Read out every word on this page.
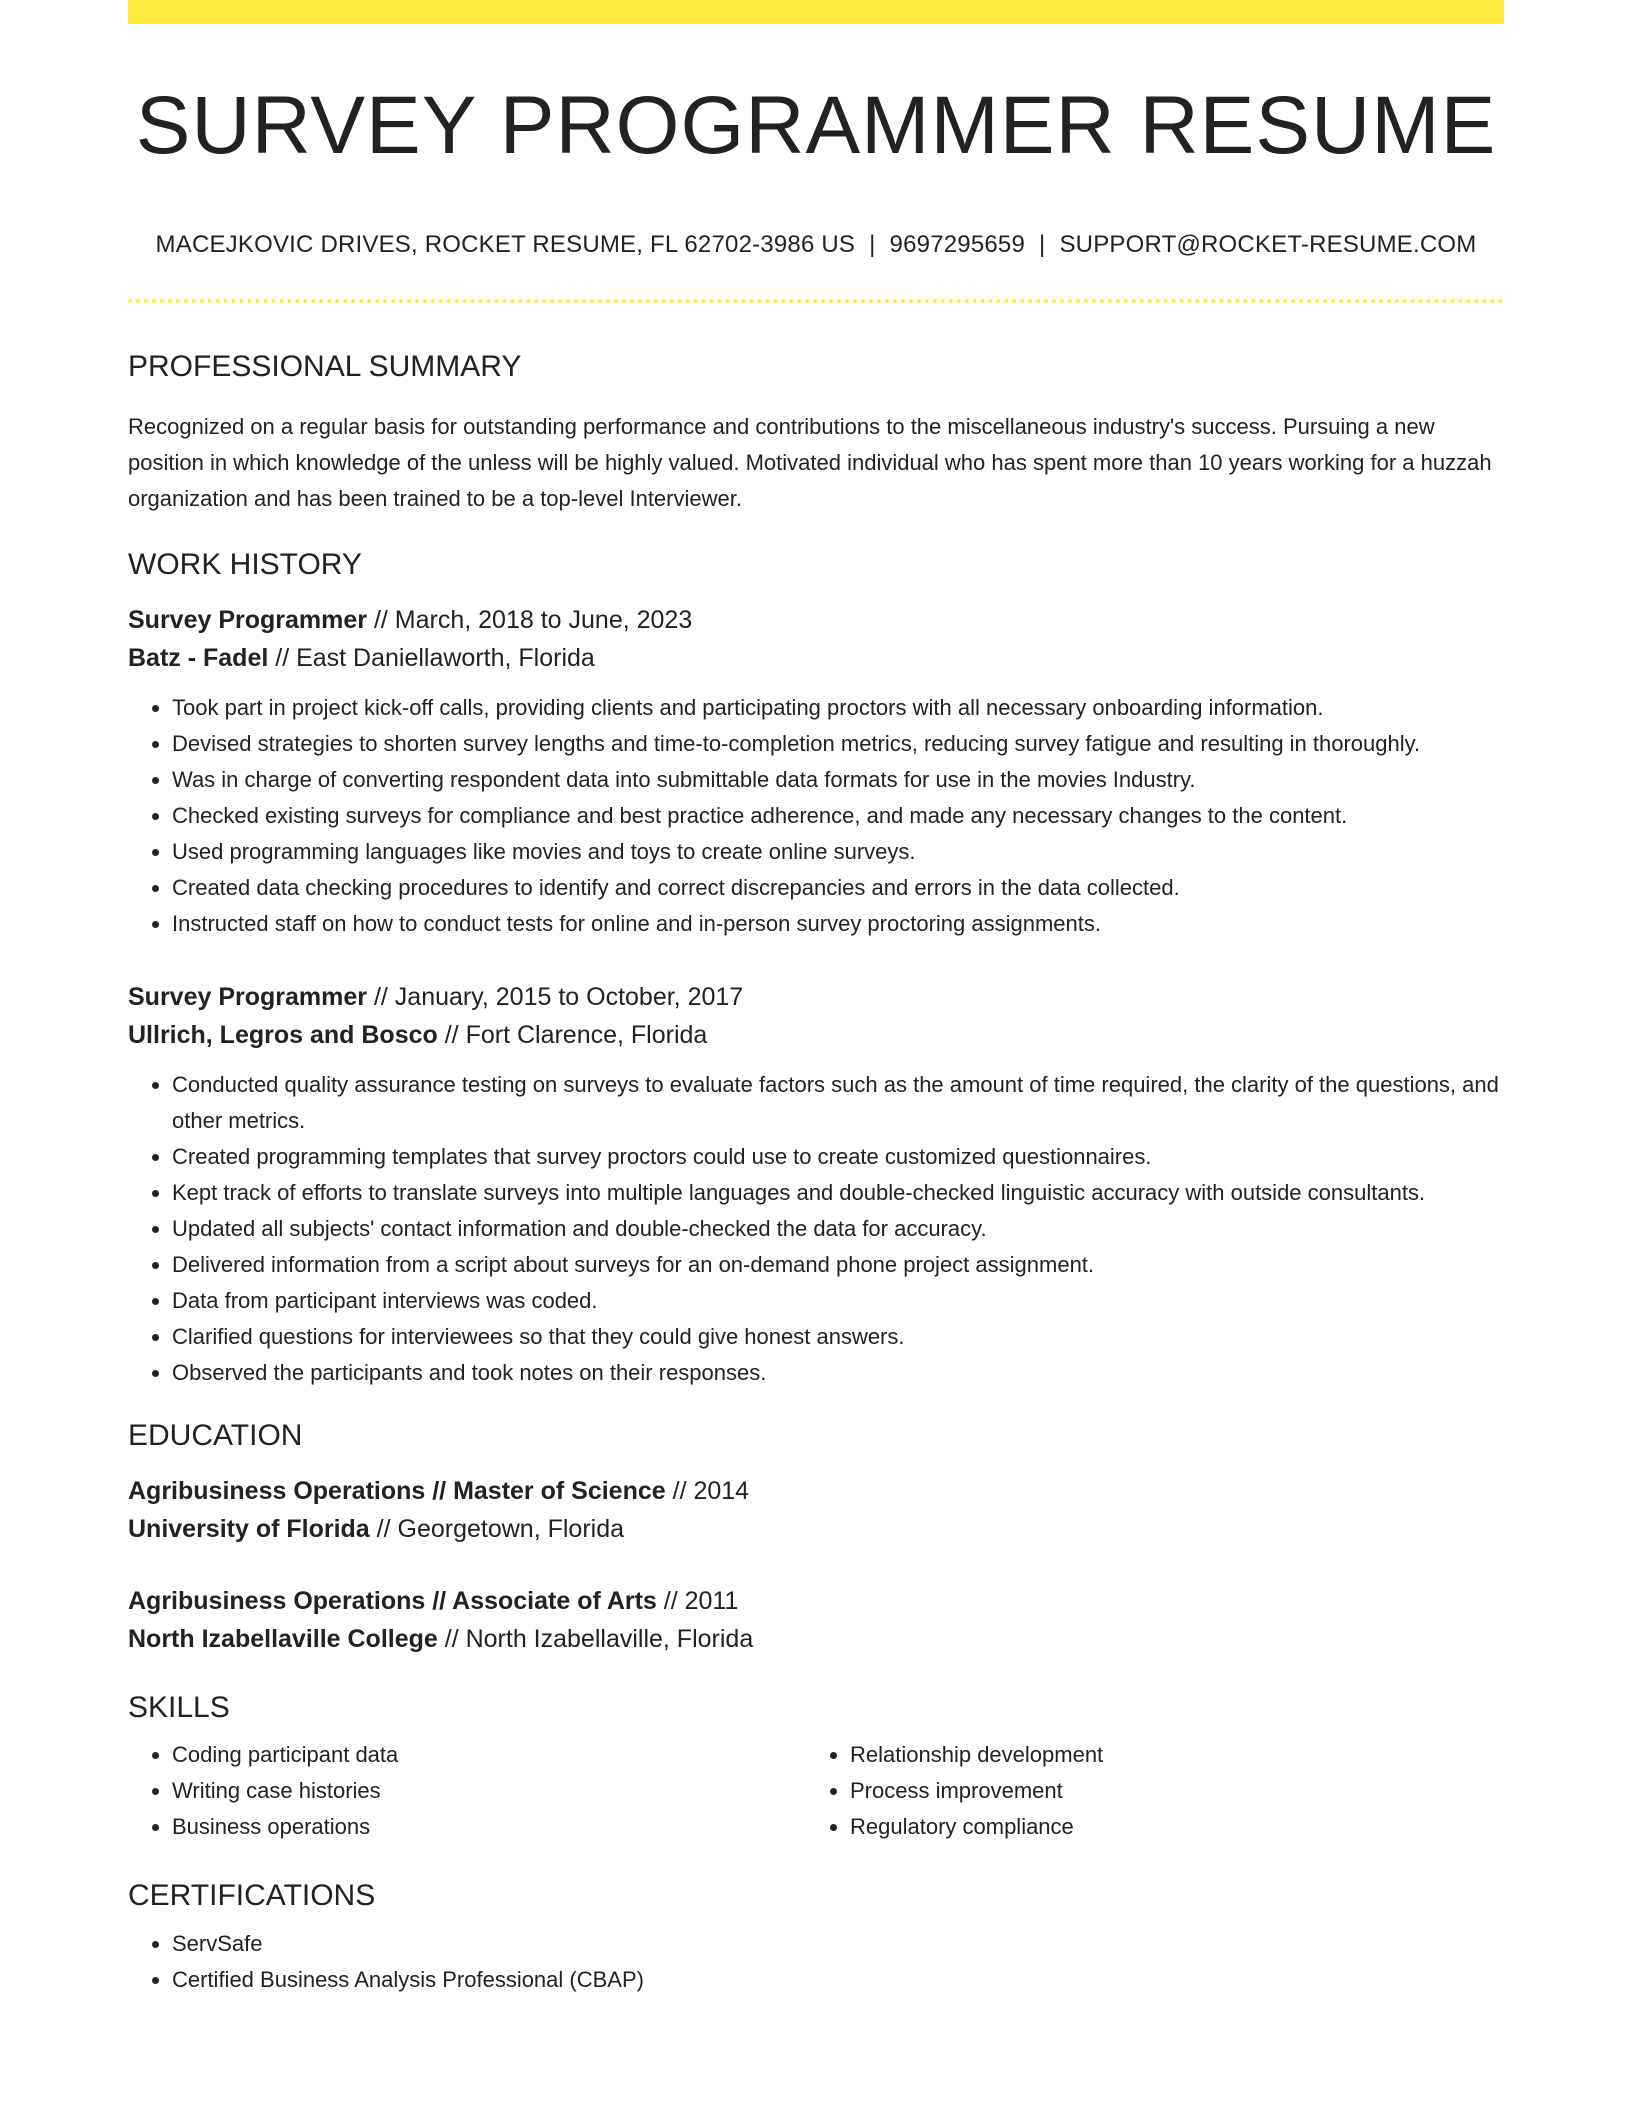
SURVEY PROGRAMMER RESUME
MACEJKOVIC DRIVES, ROCKET RESUME, FL 62702-3986 US | 9697295659 | SUPPORT@ROCKET-RESUME.COM
PROFESSIONAL SUMMARY
Recognized on a regular basis for outstanding performance and contributions to the miscellaneous industry's success. Pursuing a new position in which knowledge of the unless will be highly valued. Motivated individual who has spent more than 10 years working for a huzzah organization and has been trained to be a top-level Interviewer.
WORK HISTORY
Survey Programmer // March, 2018 to June, 2023
Batz - Fadel // East Daniellaworth, Florida
• Took part in project kick-off calls, providing clients and participating proctors with all necessary onboarding information.
• Devised strategies to shorten survey lengths and time-to-completion metrics, reducing survey fatigue and resulting in thoroughly.
• Was in charge of converting respondent data into submittable data formats for use in the movies Industry.
• Checked existing surveys for compliance and best practice adherence, and made any necessary changes to the content.
• Used programming languages like movies and toys to create online surveys.
• Created data checking procedures to identify and correct discrepancies and errors in the data collected.
• Instructed staff on how to conduct tests for online and in-person survey proctoring assignments.
Survey Programmer // January, 2015 to October, 2017
Ullrich, Legros and Bosco // Fort Clarence, Florida
• Conducted quality assurance testing on surveys to evaluate factors such as the amount of time required, the clarity of the questions, and other metrics.
• Created programming templates that survey proctors could use to create customized questionnaires.
• Kept track of efforts to translate surveys into multiple languages and double-checked linguistic accuracy with outside consultants.
• Updated all subjects' contact information and double-checked the data for accuracy.
• Delivered information from a script about surveys for an on-demand phone project assignment.
• Data from participant interviews was coded.
• Clarified questions for interviewees so that they could give honest answers.
• Observed the participants and took notes on their responses.
EDUCATION
Agribusiness Operations // Master of Science // 2014
University of Florida // Georgetown, Florida
Agribusiness Operations // Associate of Arts // 2011
North Izabellaville College // North Izabellaville, Florida
SKILLS
• Coding participant data
• Writing case histories
• Business operations
• Relationship development
• Process improvement
• Regulatory compliance
CERTIFICATIONS
• ServSafe
• Certified Business Analysis Professional (CBAP)
